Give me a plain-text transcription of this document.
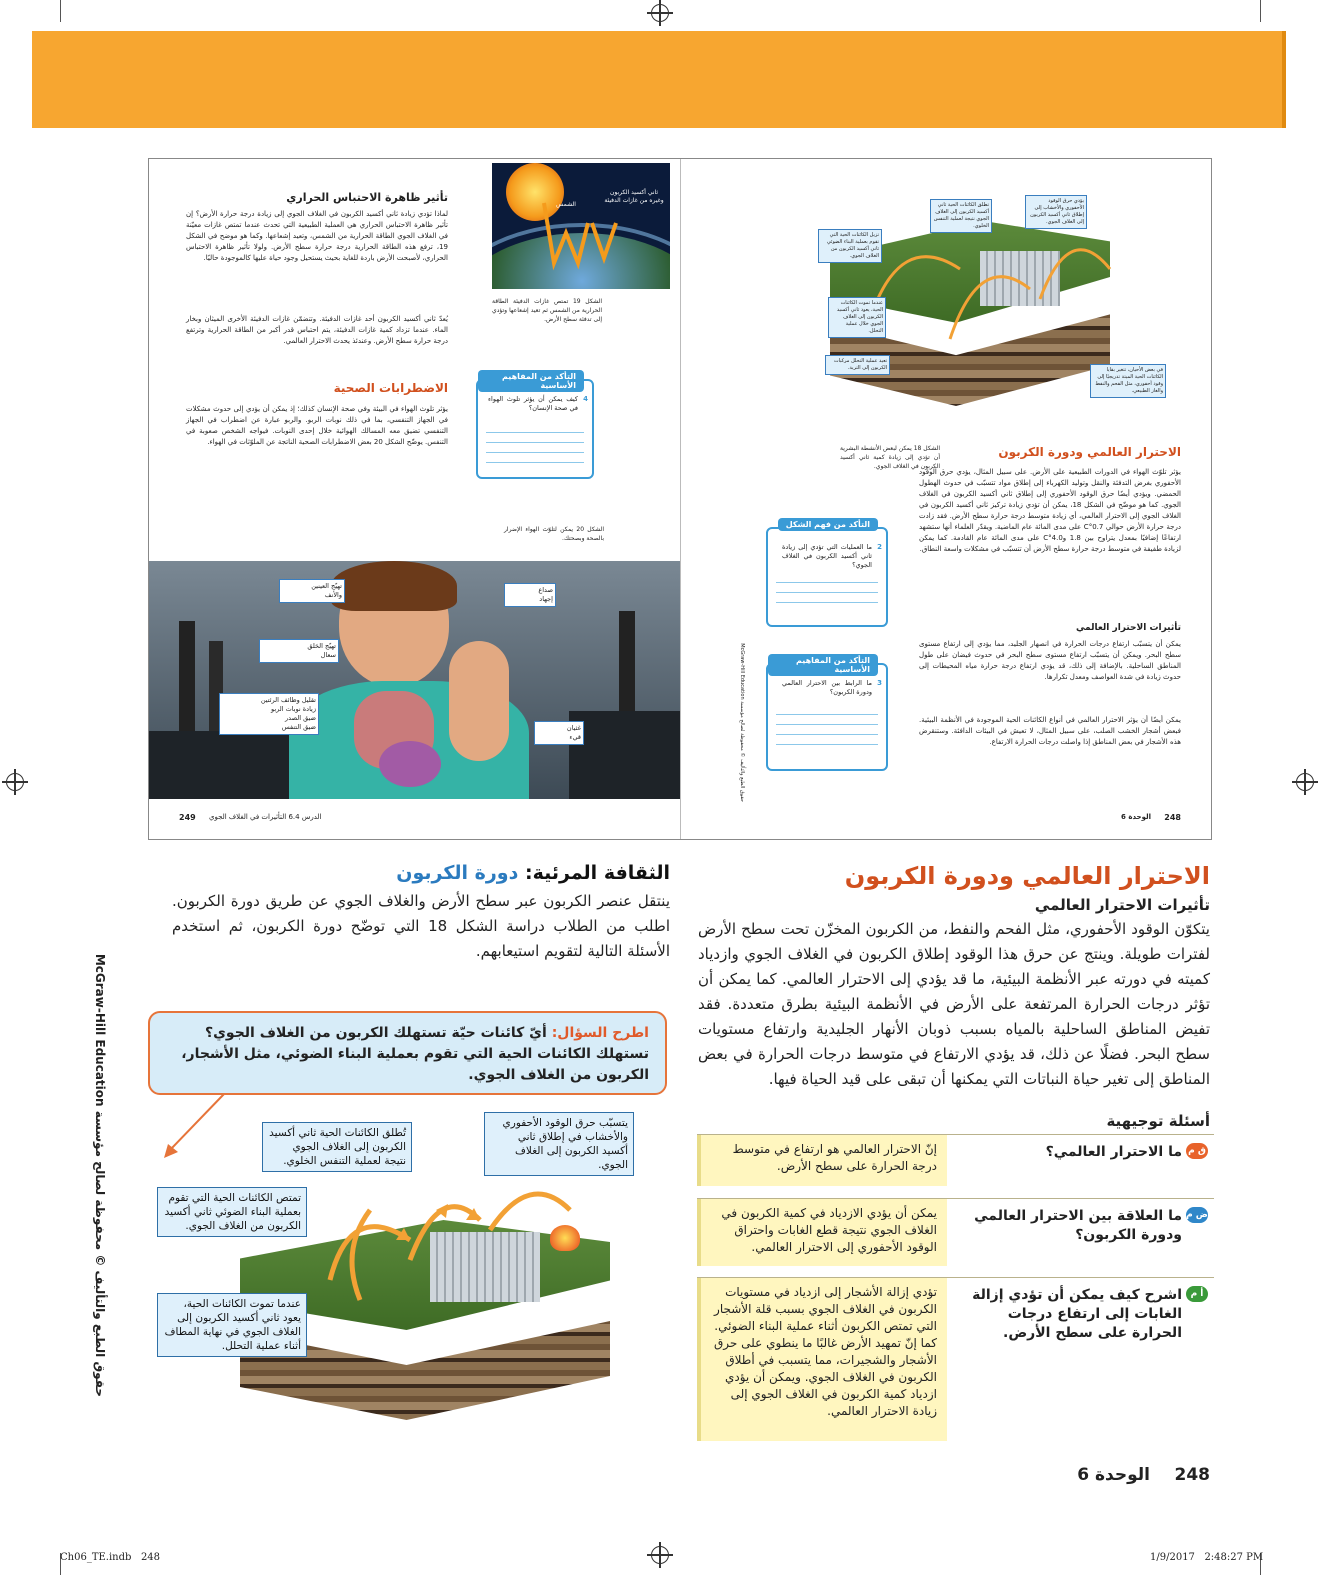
تأثير ظاهرة الاحتباس الحراري
لماذا تؤدي زيادة ثاني أكسيد الكربون في الغلاف الجوي إلى زيادة درجة حرارة الأرض؟ إن تأثير ظاهرة الاحتباس الحراري هي العملية الطبيعية التي تحدث عندما تمتص غازات معيّنة في الغلاف الجوي الطاقة الحرارية من الشمس، وتعيد إشعاعها. وكما هو موضح في الشكل 19، ترفع هذه الطاقة الحرارية درجة حرارة سطح الأرض. ولولا تأثير ظاهرة الاحتباس الحراري، لأصبحت الأرض باردة للغاية بحيث يستحيل وجود حياة عليها كالموجودة حاليًا.
يُعدّ ثاني أكسيد الكربون أحد غازات الدفيئة. وتتضمّن غازات الدفيئة الأخرى الميثان وبخار الماء. عندما تزداد كمية غازات الدفيئة، يتم احتباس قدر أكبر من الطاقة الحرارية وترتفع درجة حرارة سطح الأرض. وعندئذ يحدث الاحترار العالمي.
الشمس
ثاني أكسيد الكربون وغيره من غازات الدفيئة
الشكل 19 تمتص غازات الدفيئة الطاقة الحرارية من الشمس ثم تعيد إشعاعها وتؤدي إلى تدفئة سطح الأرض.
التأكد من المفاهيم الأساسية
كيف يمكن أن يؤثر تلوث الهواء في صحة الإنسان؟
4
الاضطرابات الصحية
يؤثر تلوث الهواء في البيئة وفي صحة الإنسان كذلك؛ إذ يمكن أن يؤدي إلى حدوث مشكلات في الجهاز التنفسي، بما في ذلك نوبات الربو. والربو عبارة عن اضطراب في الجهاز التنفسي تضيق معه المسالك الهوائية خلال إحدى النوبات. فيواجه الشخص صعوبة في التنفس. يوضّح الشكل 20 بعض الاضطرابات الصحية الناتجة عن الملوّثات في الهواء.
الشكل 20 يمكن لتلوّث الهواء الإضرار بالصحة وبصحتك.
تهيّج العينين
والأنف
صداع
إجهاد
تهيّج الحَلق
سعال
تقليل وظائف الرئتين
زيادة نوبات الربو
ضيق الصدر
ضيق التنفس	غثيان
قيء
249 الدرس 6.4 التأثيرات في الغلاف الجوي
يؤدي حرق الوقود الأحفوري والأخشاب إلى إطلاق ثاني أكسيد الكربون إلى الغلاف الجوي.
تطلق الكائنات الحية ثاني أكسيد الكربون إلى الغلاف الجوي نتيجة لعملية التنفس الخلوي.
تزيل الكائنات الحية التي تقوم بعملية البناء الضوئي ثاني أكسيد الكربون من الغلاف الجوي.
عندما تموت الكائنات الحية، يعود ثاني أكسيد الكربون إلى الغلاف الجوي خلال عملية التحلل.
تعيد عملية التحلل مركبات الكربون إلى التربة.	في بعض الأحيان، تتغير بقايا الكائنات الحية الميتة تدريجيًا إلى وقود أحفوري، مثل الفحم والنفط والغاز الطبيعي.
الشكل 18 يمكن لبعض الأنشطة البشرية أن تؤدي إلى زيادة كمية ثاني أكسيد الكربون في الغلاف الجوي.
الاحترار العالمي ودورة الكربون
يؤثر تلوّث الهواء في الدورات الطبيعية على الأرض. على سبيل المثال، يؤدي حرق الوقود الأحفوري بغرض التدفئة والنقل وتوليد الكهرباء إلى إطلاق مواد تتسبّب في حدوث الهطول الحمضي. ويؤدي أيضًا حرق الوقود الأحفوري إلى إطلاق ثاني أكسيد الكربون في الغلاف الجوي. كما هو موضّح في الشكل 18، يمكن أن تؤدي زيادة تركيز ثاني أكسيد الكربون في الغلاف الجوي إلى الاحترار العالمي، أي زيادة متوسط درجة حرارة سطح الأرض. فقد زادت درجة حرارة الأرض حوالي 0.7°C على مدى المائة عام الماضية. ويقدّر العلماء أنها ستشهد ارتفاعًا إضافيًا بمعدل يتراوح بين 1.8 و4.0°C على مدى المائة عام القادمة. كما يمكن لزيادة طفيفة في متوسط درجة حرارة سطح الأرض أن تتسبّب في مشكلات واسعة النطاق.
تأثيرات الاحترار العالمي
يمكن أن يتسبّب ارتفاع درجات الحرارة في انصهار الجليد، مما يؤدي إلى ارتفاع مستوى سطح البحر. ويمكن أن يتسبّب ارتفاع مستوى سطح البحر في حدوث فيضان على طول المناطق الساحلية. بالإضافة إلى ذلك، قد يؤدي ارتفاع درجة حرارة مياه المحيطات إلى حدوث زيادة في شدة العواصف ومعدل تكرارها.
يمكن أيضًا أن يؤثر الاحترار العالمي في أنواع الكائنات الحية الموجودة في الأنظمة البيئية. فبعض أشجار الخشب الصلب، على سبيل المثال، لا تعيش في البيئات الدافئة. وستنقرض هذه الأشجار في بعض المناطق إذا واصلت درجات الحرارة الارتفاع.
التأكد من فهم الشكل
ما العمليات التي تؤدي إلى زيادة ثاني أكسيد الكربون في الغلاف الجوي؟
2
التأكد من المفاهيم الأساسية
ما الرابط بين الاحترار العالمي ودورة الكربون؟
3
حقوق الطبع والتأليف © محفوظة لصالح مؤسسة McGraw-Hill Education
248
الوحدة 6
الاحترار العالمي ودورة الكربون
تأثيرات الاحترار العالمي
يتكوّن الوقود الأحفوري، مثل الفحم والنفط، من الكربون المخزّن تحت سطح الأرض لفترات طويلة. وينتج عن حرق هذا الوقود إطلاق الكربون في الغلاف الجوي وازدياد كميته في دورته عبر الأنظمة البيئية، ما قد يؤدي إلى الاحترار العالمي. كما يمكن أن تؤثر درجات الحرارة المرتفعة على الأرض في الأنظمة البيئية بطرق متعددة. فقد تفيض المناطق الساحلية بالمياه بسبب ذوبان الأنهار الجليدية وارتفاع مستويات سطح البحر. فضلًا عن ذلك، قد يؤدي الارتفاع في متوسط درجات الحرارة في بعض المناطق إلى تغير حياة النباتات التي يمكنها أن تبقى على قيد الحياة فيها.
أسئلة توجيهية
إنّ الاحترار العالمي هو ارتفاع في متوسط درجة الحرارة على سطح الأرض.
ق م
ما الاحترار العالمي؟
يمكن أن يؤدي الازدياد في كمية الكربون في الغلاف الجوي نتيجة قطع الغابات واحتراق الوقود الأحفوري إلى الاحترار العالمي.
ض م
ما العلاقة بين الاحترار العالمي ودورة الكربون؟
تؤدي إزالة الأشجار إلى ازدياد في مستويات الكربون في الغلاف الجوي بسبب قلة الأشجار التي تمتص الكربون أثناء عملية البناء الضوئي. كما إنّ تمهيد الأرض غالبًا ما ينطوي على حرق الأشجار والشجيرات، مما يتسبب في أطلاق الكربون في الغلاف الجوي. ويمكن أن يؤدي ازدياد كمية الكربون في الغلاف الجوي إلى زيادة الاحترار العالمي.
أ م
اشرح كيف يمكن أن تؤدي إزالة الغابات إلى ارتفاع درجات الحرارة على سطح الأرض.
248
الوحدة 6
الثقافة المرئية: دورة الكربون
ينتقل عنصر الكربون عبر سطح الأرض والغلاف الجوي عن طريق دورة الكربون. اطلب من الطلاب دراسة الشكل 18 التي توضّح دورة الكربون، ثم استخدم الأسئلة التالية لتقويم استيعابهم.
حقوق الطبع والتأليف © محفوظة لصالح مؤسسة McGraw-Hill Education
اطرح السؤال: أيّ كائنات حيّة تستهلك الكربون من الغلاف الجوي؟ تستهلك الكائنات الحية التي تقوم بعملية البناء الضوئي، مثل الأشجار، الكربون من الغلاف الجوي.
يتسبّب حرق الوقود الأحفوري والأخشاب في إطلاق ثاني أكسيد الكربون إلى الغلاف الجوي.
تُطلق الكائنات الحية ثاني أكسيد الكربون إلى الغلاف الجوي نتيجة لعملية التنفس الخلوي.
تمتص الكائنات الحية التي تقوم بعملية البناء الضوئي ثاني أكسيد الكربون من الغلاف الجوي.
عندما تموت الكائنات الحية، يعود ثاني أكسيد الكربون إلى الغلاف الجوي في نهاية المطاف أثناء عملية التحلل.
Ch06_TE.indb   248	1/9/2017   2:48:27 PM
